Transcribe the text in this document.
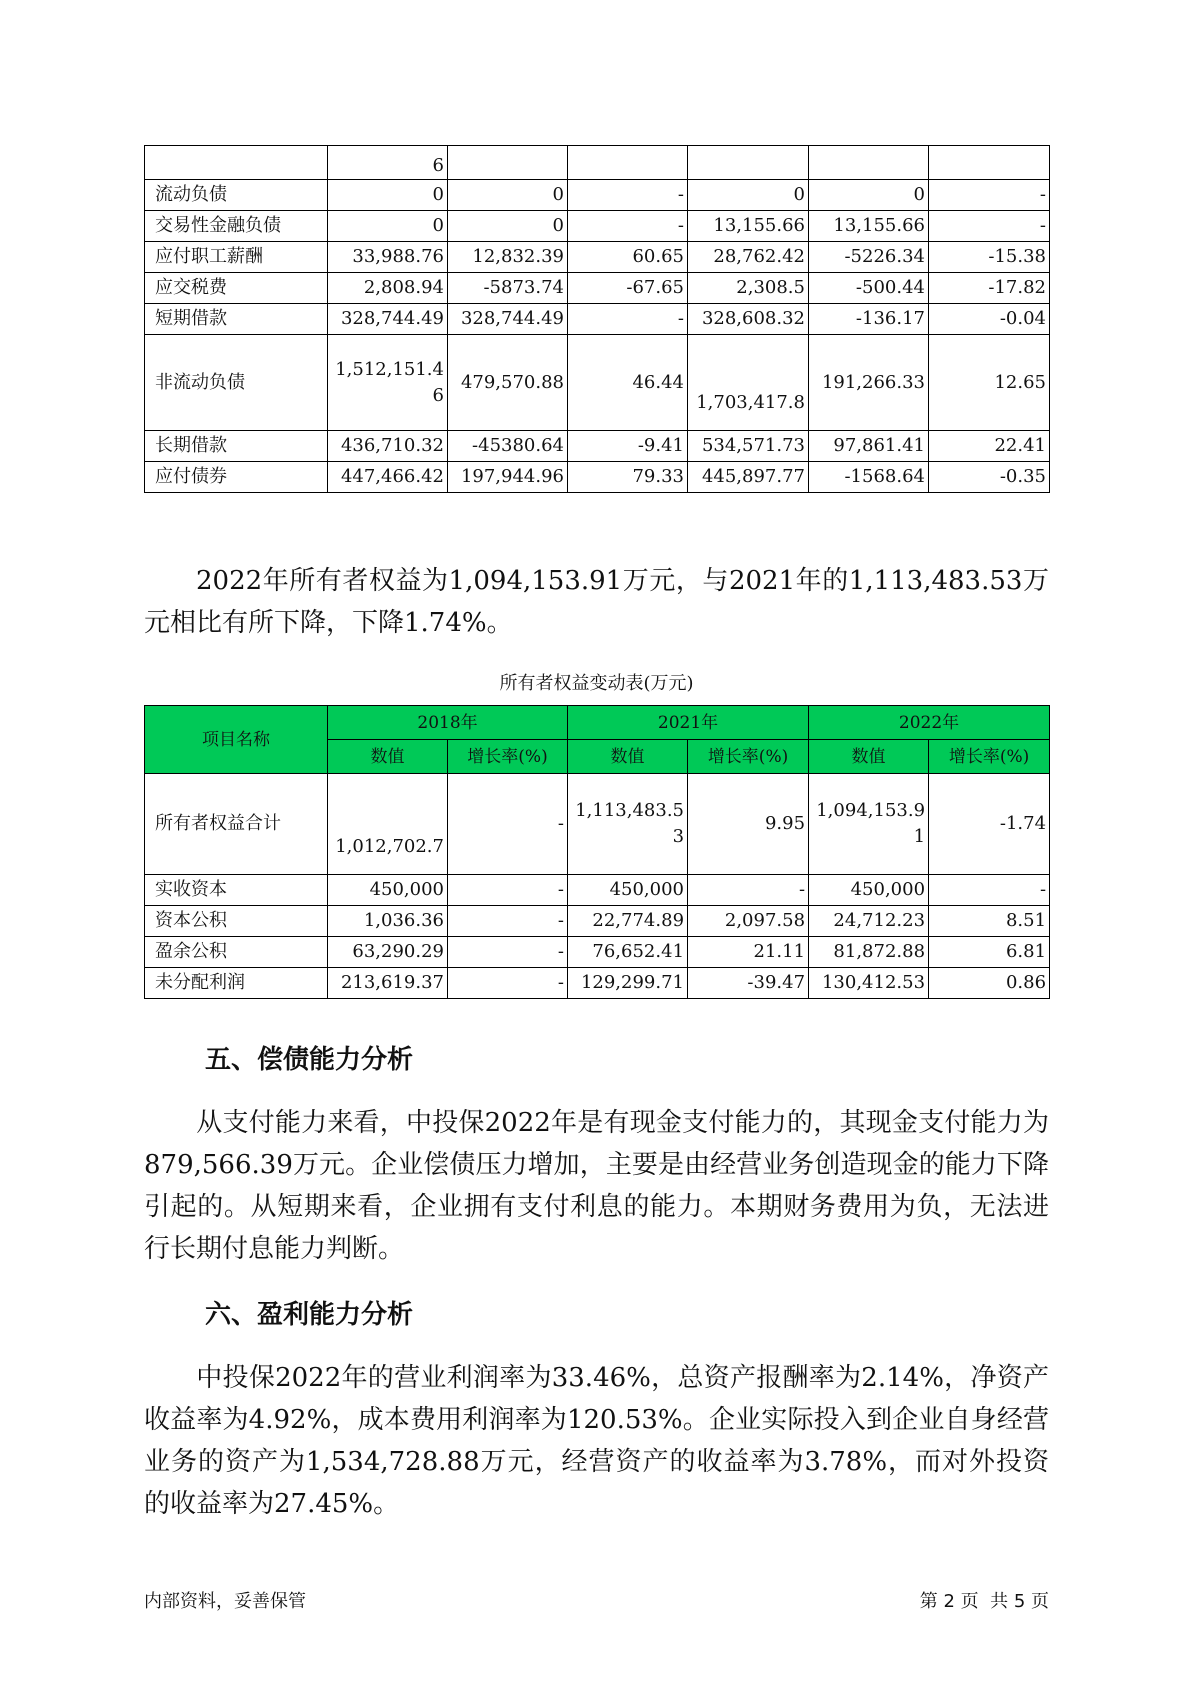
	6					
流动负债	0	0	-	0	0	-
交易性金融负债	0	0	-	13,155.66	13,155.66	-
应付职工薪酬	33,988.76	12,832.39	60.65	28,762.42	-5226.34	-15.38
应交税费	2,808.94	-5873.74	-67.65	2,308.5	-500.44	-17.82
短期借款	328,744.49	328,744.49	-	328,608.32	-136.17	-0.04
非流动负债	1,512,151.46	479,570.88	46.44	1,703,417.8	191,266.33	12.65
长期借款	436,710.32	-45380.64	-9.41	534,571.73	97,861.41	22.41
应付债券	447,466.42	197,944.96	79.33	445,897.77	-1568.64	-0.35

2022年所有者权益为1,094,153.91万元，与2021年的1,113,483.53万元相比有所下降，下降1.74%。

所有者权益变动表(万元)
项目名称	2018年		2021年		2022年	
	数值	增长率(%)	数值	增长率(%)	数值	增长率(%)
所有者权益合计	1,012,702.7	-	1,113,483.53	9.95	1,094,153.91	-1.74
实收资本	450,000	-	450,000	-	450,000	-
资本公积	1,036.36	-	22,774.89	2,097.58	24,712.23	8.51
盈余公积	63,290.29	-	76,652.41	21.11	81,872.88	6.81
未分配利润	213,619.37	-	129,299.71	-39.47	130,412.53	0.86
五、偿债能力分析

从支付能力来看，中投保2022年是有现金支付能力的，其现金支付能力为879,566.39万元。企业偿债压力增加，主要是由经营业务创造现金的能力下降引起的。从短期来看，企业拥有支付利息的能力。本期财务费用为负，无法进行长期付息能力判断。

六、盈利能力分析

中投保2022年的营业利润率为33.46%，总资产报酬率为2.14%，净资产收益率为4.92%，成本费用利润率为120.53%。企业实际投入到企业自身经营业务的资产为1,534,728.88万元，经营资产的收益率为3.78%，而对外投资的收益率为27.45%。

内部资料，妥善保管	第 2 页  共 5 页
